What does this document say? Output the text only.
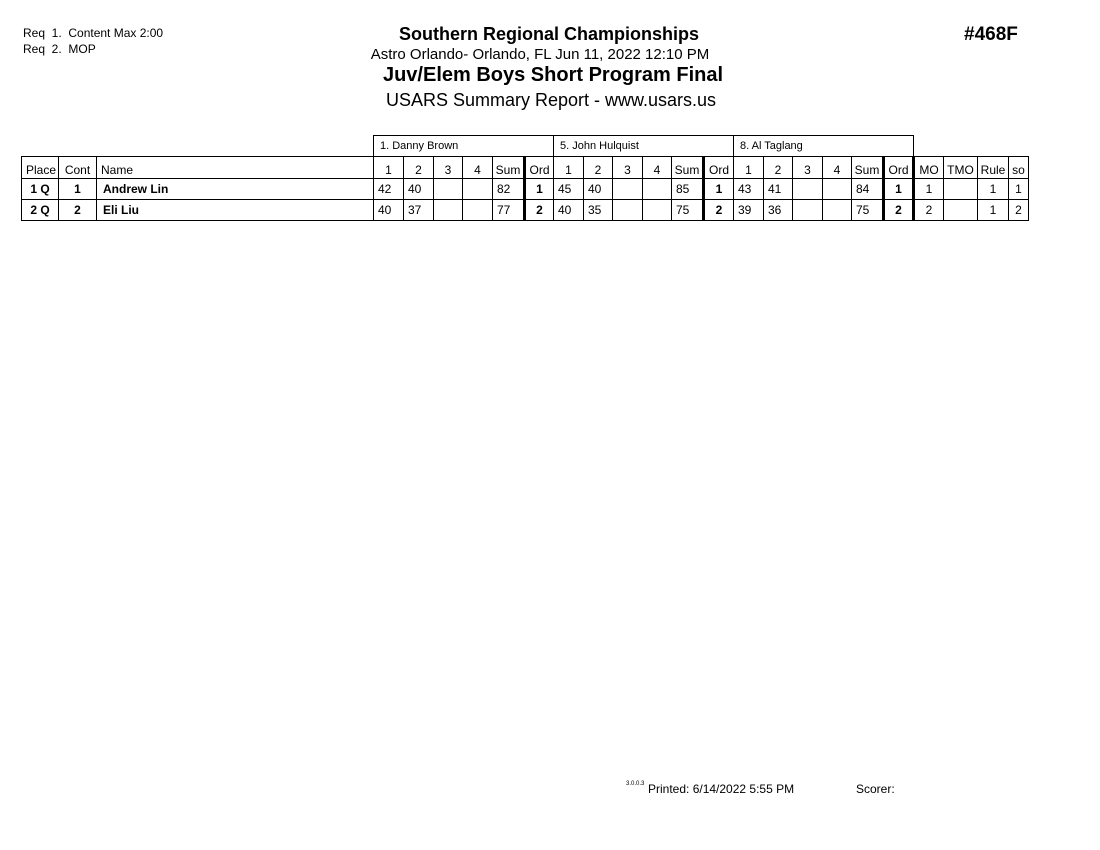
Req  1.  Content Max 2:00
Req  2.  MOP
#468F
Southern Regional Championships
Astro Orlando- Orlando, FL Jun 11, 2022 12:10 PM
Juv/Elem Boys Short Program Final
USARS Summary Report - www.usars.us
			1. Danny Brown						5. John Hulquist						8. Al Taglang									
Place	Cont	Name	1	2	3	4	Sum	Ord	1	2	3	4	Sum	Ord	1	2	3	4	Sum	Ord	MO	TMO	Rule	so
1 Q	1	Andrew Lin	42	40			82	1	45	40			85	1	43	41			84	1	1		1	1
2 Q	2	Eli Liu	40	37			77	2	40	35			75	2	39	36			75	2	2		1	2
3.0.0.3 Printed: 6/14/2022 5:55 PM	Scorer:
